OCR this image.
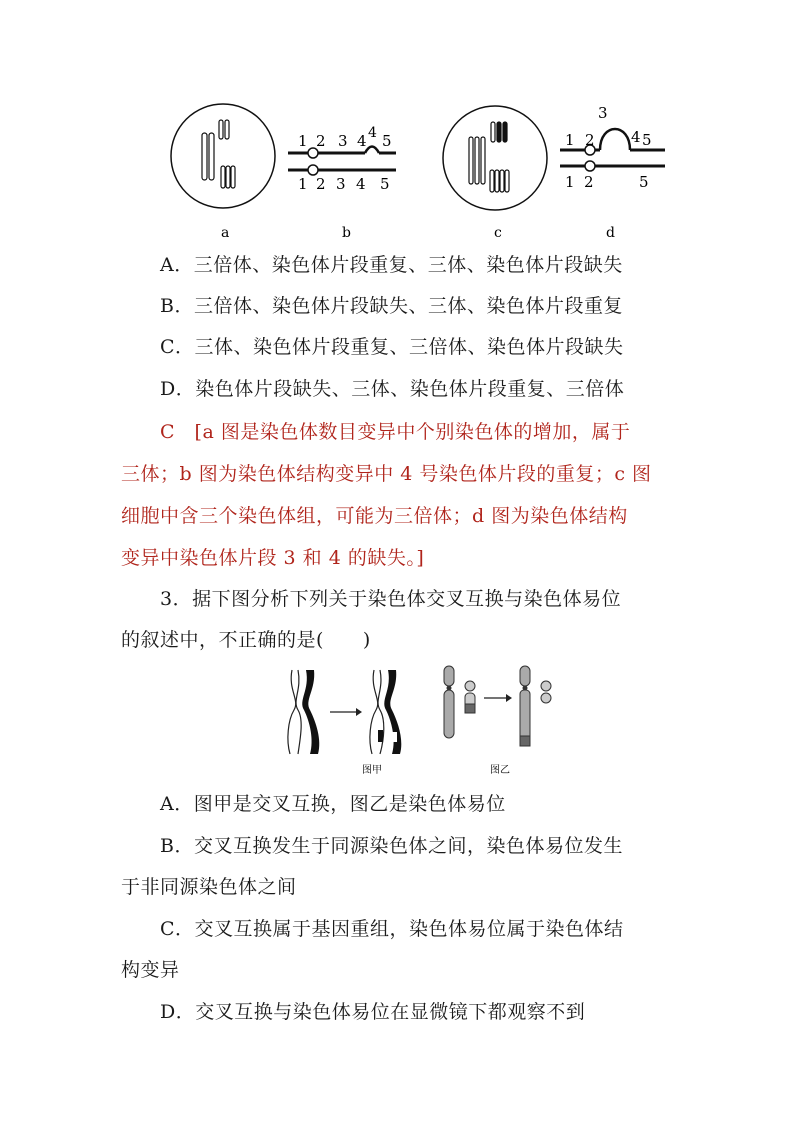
1 2 3 4 4 5
1 2 3 4 5
1 2
3
4 5
1 2	5
a	b	c	d
A．三倍体、染色体片段重复、三体、染色体片段缺失
B．三倍体、染色体片段缺失、三体、染色体片段重复
C．三体、染色体片段重复、三倍体、染色体片段缺失
D．染色体片段缺失、三体、染色体片段重复、三倍体
C　[a 图是染色体数目变异中个别染色体的增加，属于
三体；b 图为染色体结构变异中 4 号染色体片段的重复；c 图
细胞中含三个染色体组，可能为三倍体；d 图为染色体结构
变异中染色体片段 3 和 4 的缺失。]
3．据下图分析下列关于染色体交叉互换与染色体易位
的叙述中，不正确的是(　　)
图甲	图乙
A．图甲是交叉互换，图乙是染色体易位
B．交叉互换发生于同源染色体之间，染色体易位发生
于非同源染色体之间
C．交叉互换属于基因重组，染色体易位属于染色体结
构变异
D．交叉互换与染色体易位在显微镜下都观察不到
